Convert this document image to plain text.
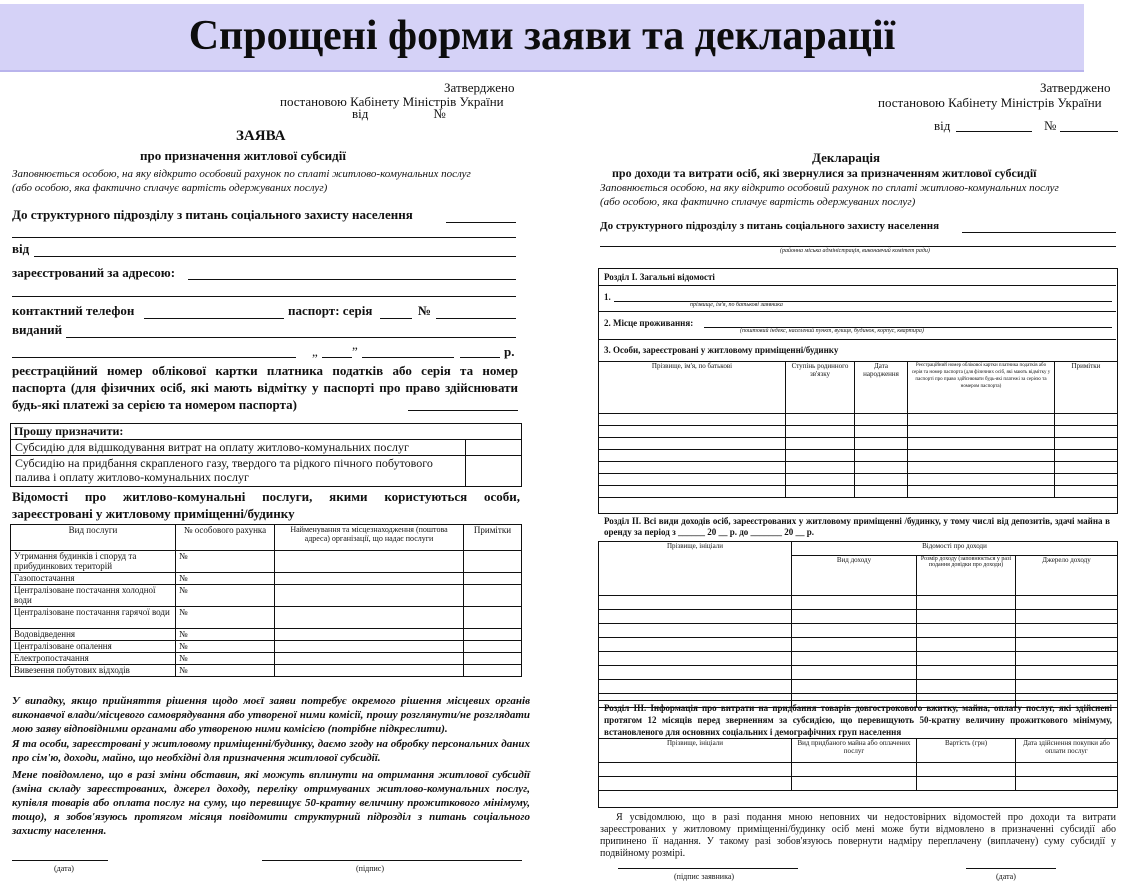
Спрощені форми заяви та декларації
Затверджено
постановою Кабінету Міністрів України
від                    №
ЗАЯВА
про призначення житлової субсидії
Заповнюється особою, на яку відкрито особовий рахунок по сплаті житлово-комунальних послуг
(або особою, яка фактично сплачує вартість одержуваних послуг)
До структурного підрозділу з питань соціального захисту населення
від
зареєстрований за адресою:
контактний телефон	паспорт: серія	№
виданий
„	”	р.
реєстраційний номер облікової картки платника податків або серія та номер паспорта (для фізичних осіб, які мають відмітку у паспорті про право здійснювати будь-які платежі за серією та номером паспорта)
Прошу призначити:	
Субсидію для відшкодування витрат на оплату житлово-комунальних послуг	
Субсидію на придбання скрапленого газу, твердого та рідкого пічного побутового палива і оплату житлово-комунальних послуг	
Відомості про житлово-комунальні послуги, якими користуються особи, зареєстровані у житловому приміщенні/будинку
Вид послуги	№ особового рахунка	Найменування та місцезнаходження (поштова адреса) організації, що надає послуги	Примітки
Утримання будинків і споруд та прибудинкових територій	№		
Газопостачання	№		
Централізоване постачання холодної води	№		
Централізоване постачання гарячої води	№		
Водовідведення	№		
Централізоване опалення	№		
Електропостачання	№		
Вивезення побутових відходів	№		
У випадку, якщо прийняття рішення щодо моєї заяви потребує окремого рішення місцевих органів виконавчої влади/місцевого самоврядування або утвореної ними комісії, прошу розглянути/не розглядати мою заяву відповідними органами або утвореною ними комісією (потрібне підкреслити).
Я та особи, зареєстровані у житловому приміщенні/будинку, даємо згоду на обробку персональних даних про сім'ю, доходи, майно, що необхідні для призначення житлової субсидії.
Мене повідомлено, що в разі зміни обставин, які можуть вплинути на отримання житлової субсидії (зміна складу зареєстрованих, джерел доходу, переліку отримуваних житлово-комунальних послуг, купівля товарів або оплата послуг на суму, що перевищує 50-кратну величину прожиткового мінімуму, тощо), я зобов'язуюсь протягом місяця повідомити структурний підрозділ з питань соціального захисту населення.
(дата)	(підпис)
Затверджено
постановою Кабінету Міністрів України
від	№
Декларація
про доходи та витрати осіб, які звернулися за призначенням житлової субсидії
Заповнюється особою, на яку відкрито особовий рахунок по сплаті житлово-комунальних послуг
(або особою, яка фактично сплачує вартість одержуваних послуг)
До структурного підрозділу з питань соціального захисту населення
(районна міська адміністрація, виконавчий комітет ради)
Розділ І. Загальні відомості
1.
прізвище, ім'я, по батькові заявника
2. Місце проживання:
(поштовий індекс, населений пункт, вулиця, будинок, корпус, квартира)
3. Особи, зареєстровані у житловому приміщенні/будинку
Прізвище, ім'я, по батькові	Ступінь родинного зв'язку	Дата народження	Реєстраційний номер облікової картки платника податків або серія та номер паспорта (для фізичних осіб, які мають відмітку у паспорті про право здійснювати будь-які платежі за серією та номером паспорта)	Примітки

Розділ ІІ. Всі види доходів осіб, зареєстрованих у житловому приміщенні /будинку, у тому числі від депозитів, здачі майна в оренду за період з ______ 20 __ р. до _______ 20 __ р.
Прізвище, ініціали	Відомості про доходи		
	Вид доходу	Розмір доходу (заповнюється у разі подання довідки про доходи)	Джерело доходу

Розділ ІІІ. Інформація про витрати на придбання товарів довгострокового вжитку, майна, оплату послуг, які здійснені протягом 12 місяців перед зверненням за субсидією, що перевищують 50-кратну величину прожиткового мінімуму, встановленого для основних соціальних і демографічних груп населення
Прізвище, ініціали	Вид придбаного майна або оплачених послуг	Вартість (грн)	Дата здійснення покупки або оплати послуг

Я усвідомлюю, що в разі подання мною неповних чи недостовірних відомостей про доходи та витрати зареєстрованих у житловому приміщенні/будинку осіб мені може бути відмовлено в призначенні субсидії або припинено її надання. У такому разі зобов'язуюсь повернути надміру переплачену (виплачену) суму субсидії у подвійному розмірі.
(підпис заявника)	(дата)
